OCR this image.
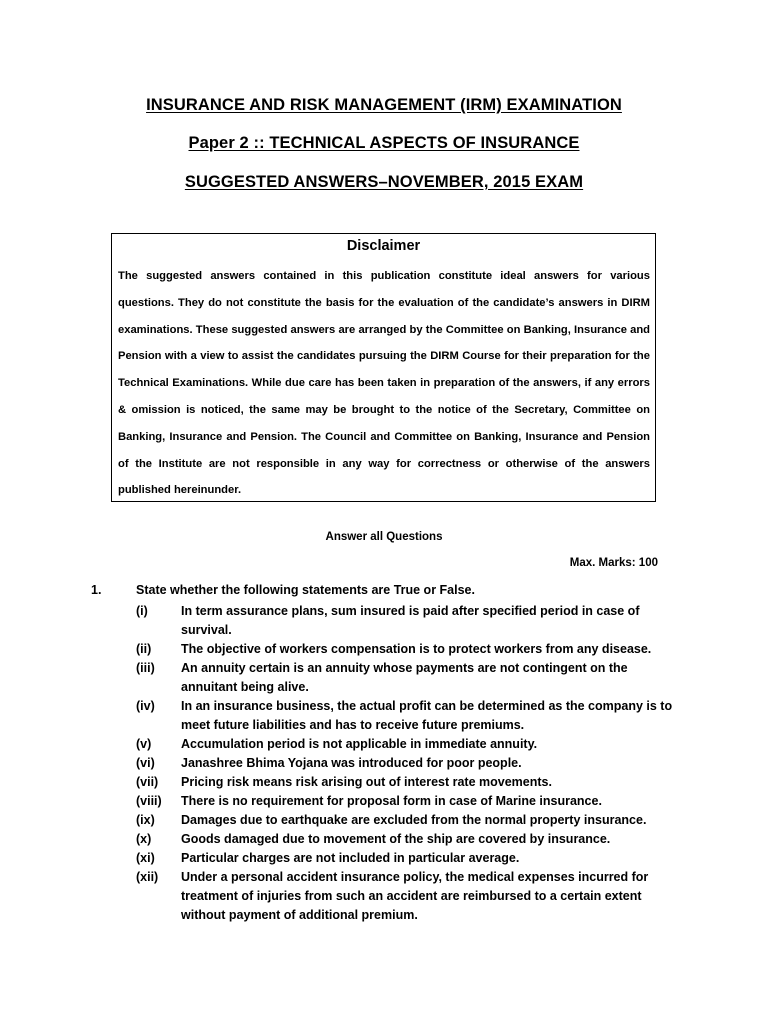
INSURANCE AND RISK MANAGEMENT (IRM) EXAMINATION
Paper 2 :: TECHNICAL ASPECTS OF INSURANCE
SUGGESTED ANSWERS–NOVEMBER, 2015 EXAM
Disclaimer
The suggested answers contained in this publication constitute ideal answers for various questions. They do not constitute the basis for the evaluation of the candidate’s answers in DIRM examinations. These suggested answers are arranged by the Committee on Banking, Insurance and Pension with a view to assist the candidates pursuing the DIRM Course for their preparation for the Technical Examinations. While due care has been taken in preparation of the answers, if any errors & omission is noticed, the same may be brought to the notice of the Secretary, Committee on Banking, Insurance and Pension. The Council and Committee on Banking, Insurance and Pension of the Institute are not responsible in any way for correctness or otherwise of the answers published hereinunder.
Answer all Questions
Max. Marks: 100
1.	State whether the following statements are True or False.
(i)	In term assurance plans, sum insured is paid after specified period in case of survival.
(ii) The objective of workers compensation is to protect workers from any disease.
(iii) An annuity certain is an annuity whose payments are not contingent on the annuitant being alive.
(iv) In an insurance business, the actual profit can be determined as the company is to meet future liabilities and has to receive future premiums.
(v) Accumulation period is not applicable in immediate annuity.
(vi) Janashree Bhima Yojana was introduced for poor people.
(vii) Pricing risk means risk arising out of interest rate movements.
(viii) There is no requirement for proposal form in case of Marine insurance.
(ix) Damages due to earthquake are excluded from the normal property insurance.
(x) Goods damaged due to movement of the ship are covered by insurance.
(xi) Particular charges are not included in particular average.
(xii) Under a personal accident insurance policy, the medical expenses incurred for treatment of injuries from such an accident are reimbursed to a certain extent without payment of additional premium.
